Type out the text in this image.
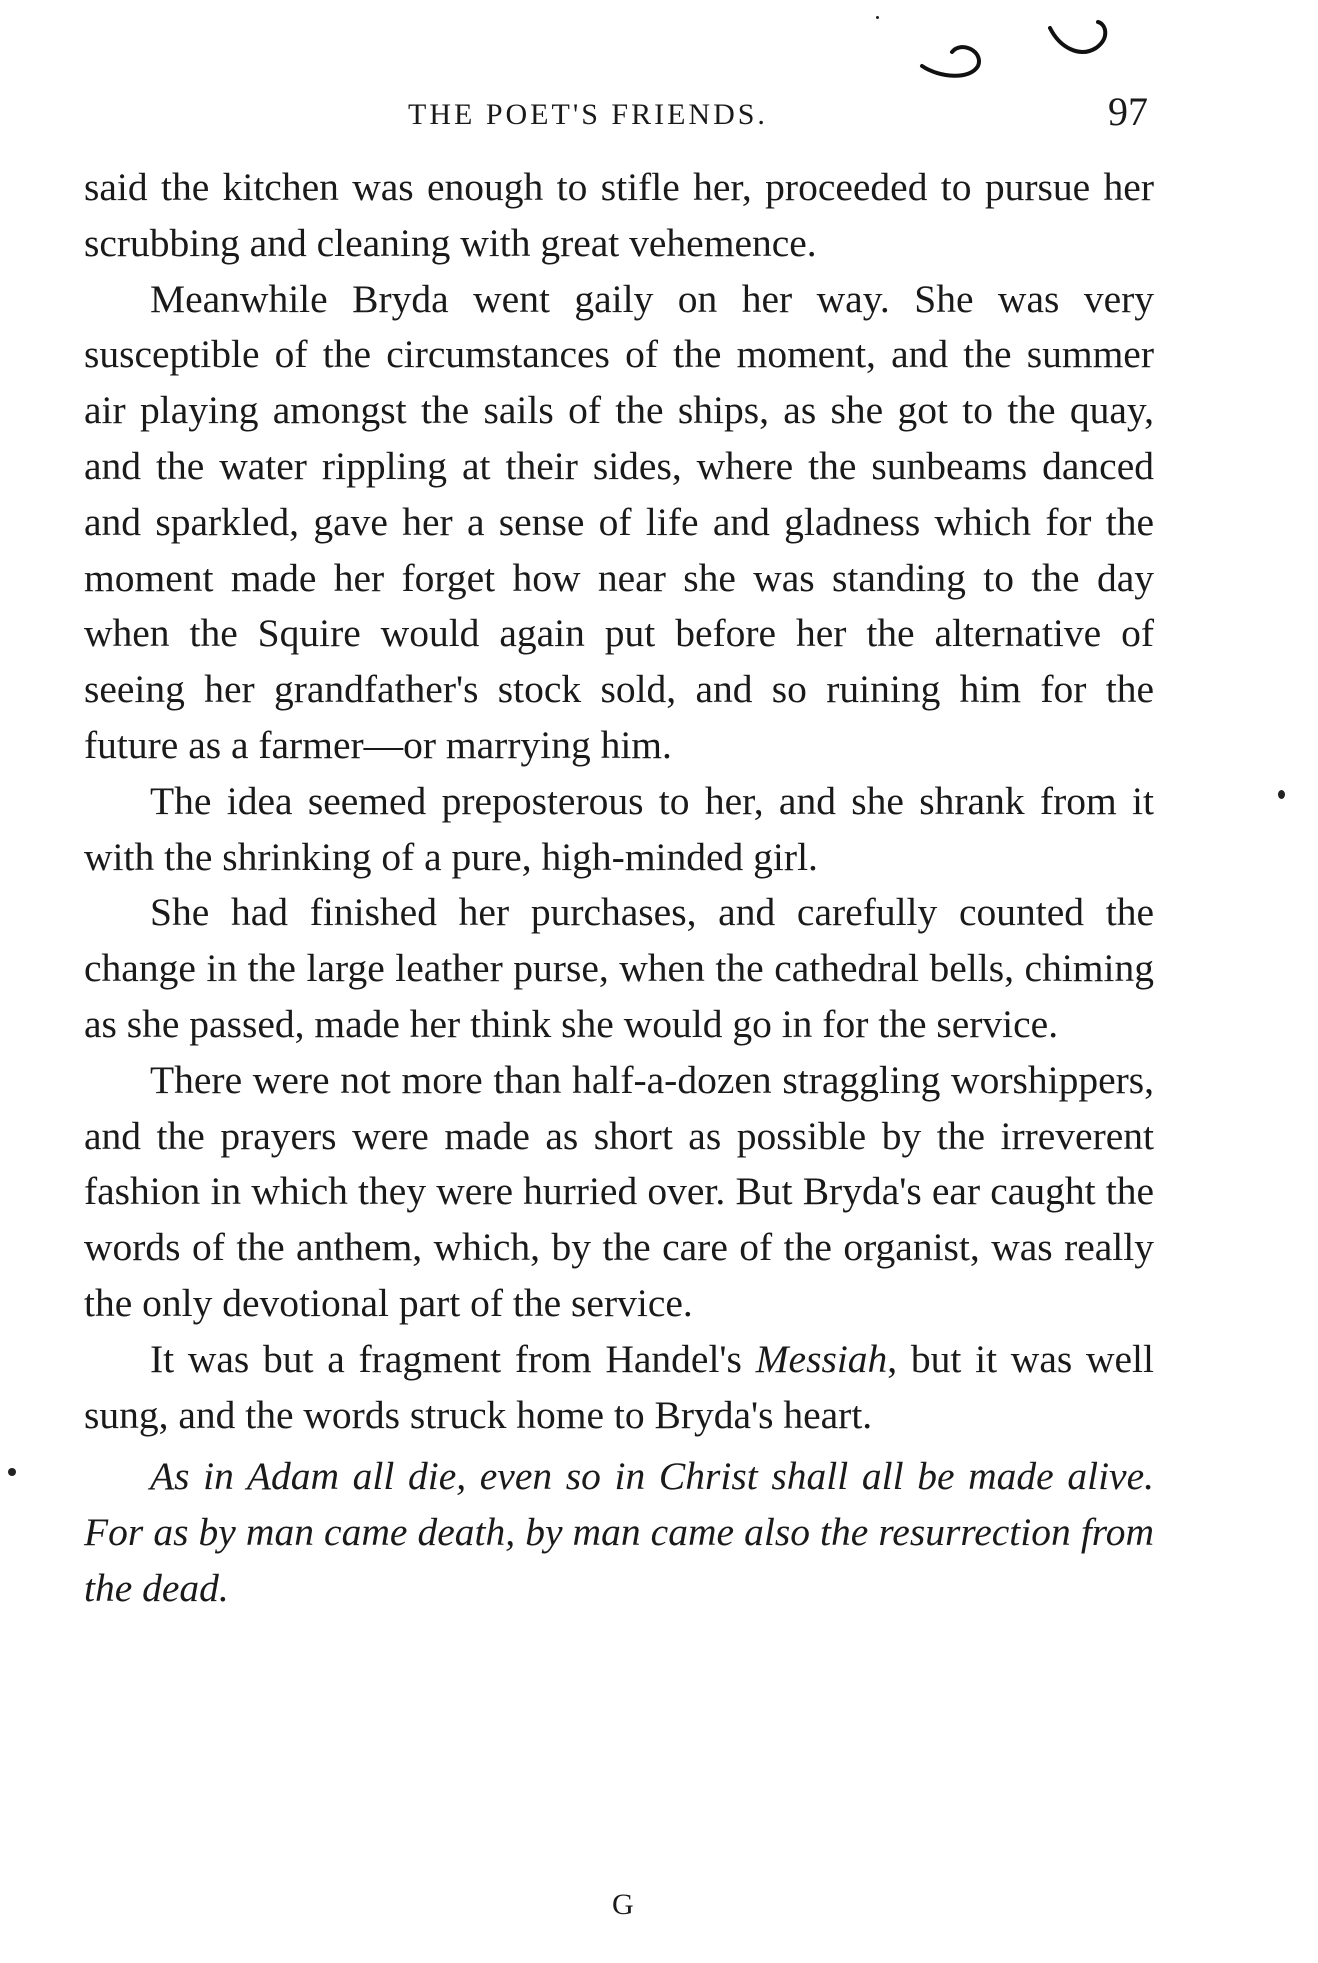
THE POET'S FRIENDS.	97

said the kitchen was enough to stifle her, proceeded to pursue her scrubbing and cleaning with great vehemence.

Meanwhile Bryda went gaily on her way. She was very susceptible of the circumstances of the moment, and the summer air playing amongst the sails of the ships, as she got to the quay, and the water rippling at their sides, where the sunbeams danced and sparkled, gave her a sense of life and gladness which for the moment made her forget how near she was standing to the day when the Squire would again put before her the alternative of seeing her grandfather's stock sold, and so ruining him for the future as a farmer—or marrying him.

The idea seemed preposterous to her, and she shrank from it with the shrinking of a pure, high-minded girl.

She had finished her purchases, and carefully counted the change in the large leather purse, when the cathedral bells, chiming as she passed, made her think she would go in for the service.

There were not more than half-a-dozen straggling worshippers, and the prayers were made as short as possible by the irreverent fashion in which they were hurried over. But Bryda's ear caught the words of the anthem, which, by the care of the organist, was really the only devotional part of the service.

It was but a fragment from Handel's Messiah, but it was well sung, and the words struck home to Bryda's heart.

As in Adam all die, even so in Christ shall all be made alive. For as by man came death, by man came also the resurrection from the dead.

G
